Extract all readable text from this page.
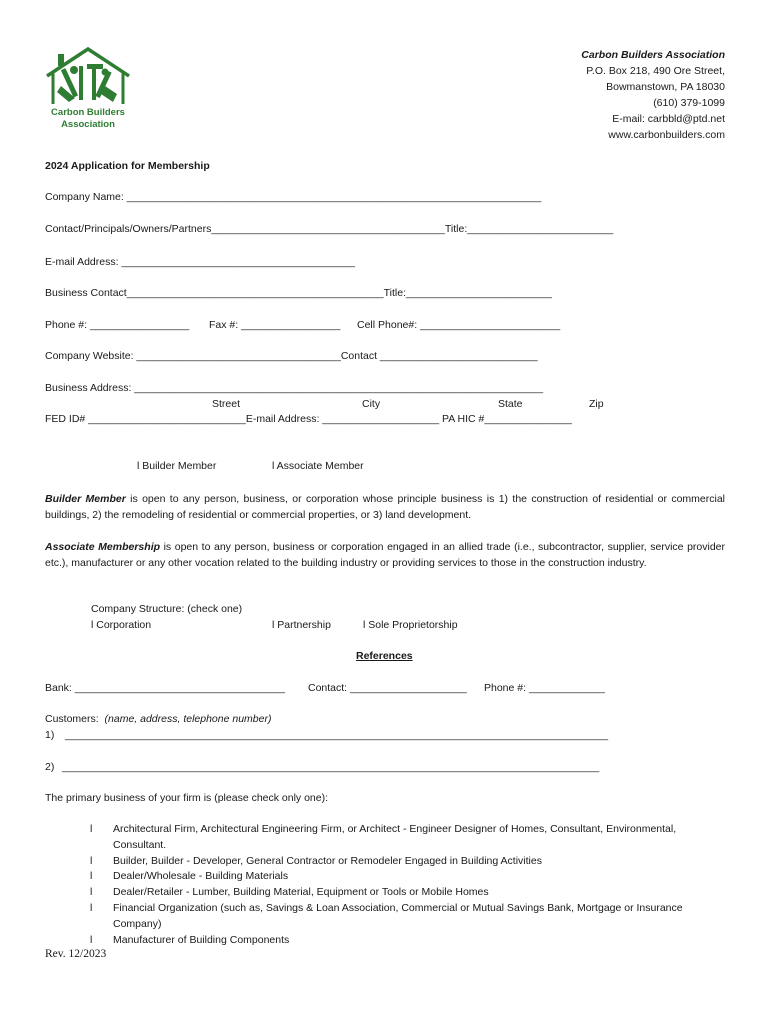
Carbon Builders
Association
Carbon Builders Association
P.O. Box 218, 490 Ore Street,
Bowmanstown, PA 18030
(610) 379-1099
E-mail: carbbld@ptd.net
www.carbonbuilders.com
2024 Application for Membership
Company Name: _______________________________________________________________________
Contact/Principals/Owners/Partners________________________________________Title:_________________________
E-mail Address: ________________________________________
Business Contact____________________________________________Title:_________________________
Phone #: _________________ Fax #: _________________ Cell Phone#: ________________________
Company Website: ___________________________________Contact ___________________________
Business Address: ______________________________________________________________________
Street	City	State	Zip
FED ID# ___________________________E-mail Address: ____________________ PA HIC #_______________
l Builder Member	l Associate Member
Builder Member is open to any person, business, or corporation whose principle business is 1) the construction of residential or commercial buildings, 2) the remodeling of residential or commercial properties, or 3) land development.
Associate Membership is open to any person, business or corporation engaged in an allied trade (i.e., subcontractor, supplier, service provider etc.), manufacturer or any other vocation related to the building industry or providing services to those in the construction industry.
Company Structure: (check one)
l Corporation	l Partnership	l Sole Proprietorship
References
Bank: ____________________________________ Contact: ____________________ Phone #: _____________
Customers: (name, address, telephone number)
1) _____________________________________________________________________________________________
2) ____________________________________________________________________________________________
The primary business of your firm is (please check only one):
l	Architectural Firm, Architectural Engineering Firm, or Architect - Engineer Designer of Homes, Consultant, Environmental, Consultant.
l	Builder, Builder - Developer, General Contractor or Remodeler Engaged in Building Activities
l	Dealer/Wholesale - Building Materials
l	Dealer/Retailer - Lumber, Building Material, Equipment or Tools or Mobile Homes
l	Financial Organization (such as, Savings & Loan Association, Commercial or Mutual Savings Bank, Mortgage or Insurance Company)
l	Manufacturer of Building Components
Rev. 12/2023
